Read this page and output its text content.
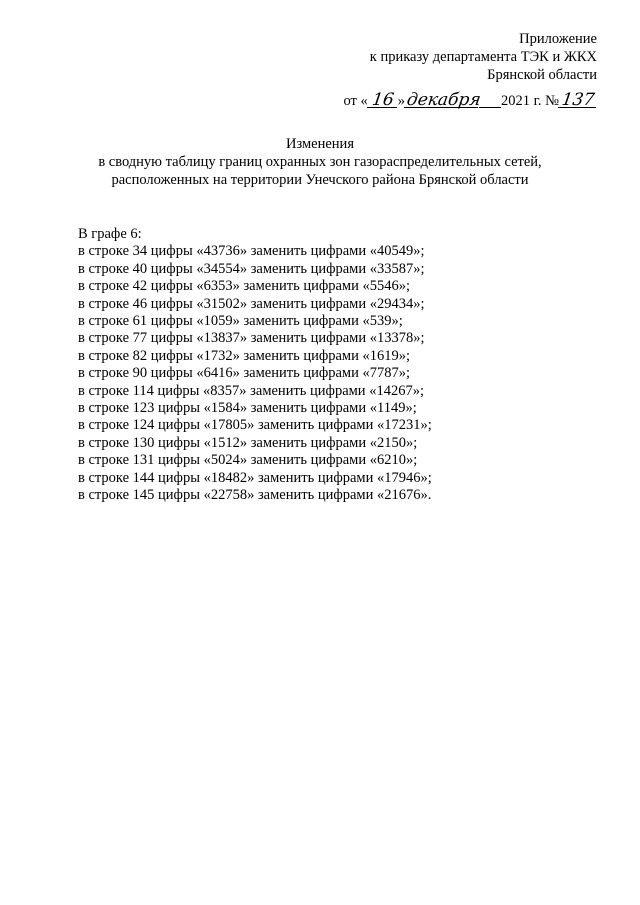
Приложение
к приказу департамента ТЭК и ЖКХ
Брянской области
от « 16 » декабря 2021 г. № 137
Изменения
в сводную таблицу границ охранных зон газораспределительных сетей,
расположенных на территории Унечского района Брянской области
В графе 6:
в строке 34 цифры «43736» заменить цифрами «40549»;
в строке 40 цифры «34554» заменить цифрами «33587»;
в строке 42 цифры «6353» заменить цифрами «5546»;
в строке 46 цифры «31502» заменить цифрами «29434»;
в строке 61 цифры «1059» заменить цифрами «539»;
в строке 77 цифры «13837» заменить цифрами «13378»;
в строке 82 цифры «1732» заменить цифрами «1619»;
в строке 90 цифры «6416» заменить цифрами «7787»;
в строке 114 цифры «8357» заменить цифрами «14267»;
в строке 123 цифры «1584» заменить цифрами «1149»;
в строке 124 цифры «17805» заменить цифрами «17231»;
в строке 130 цифры «1512» заменить цифрами «2150»;
в строке 131 цифры «5024» заменить цифрами «6210»;
в строке 144 цифры «18482» заменить цифрами «17946»;
в строке 145 цифры «22758» заменить цифрами «21676».
